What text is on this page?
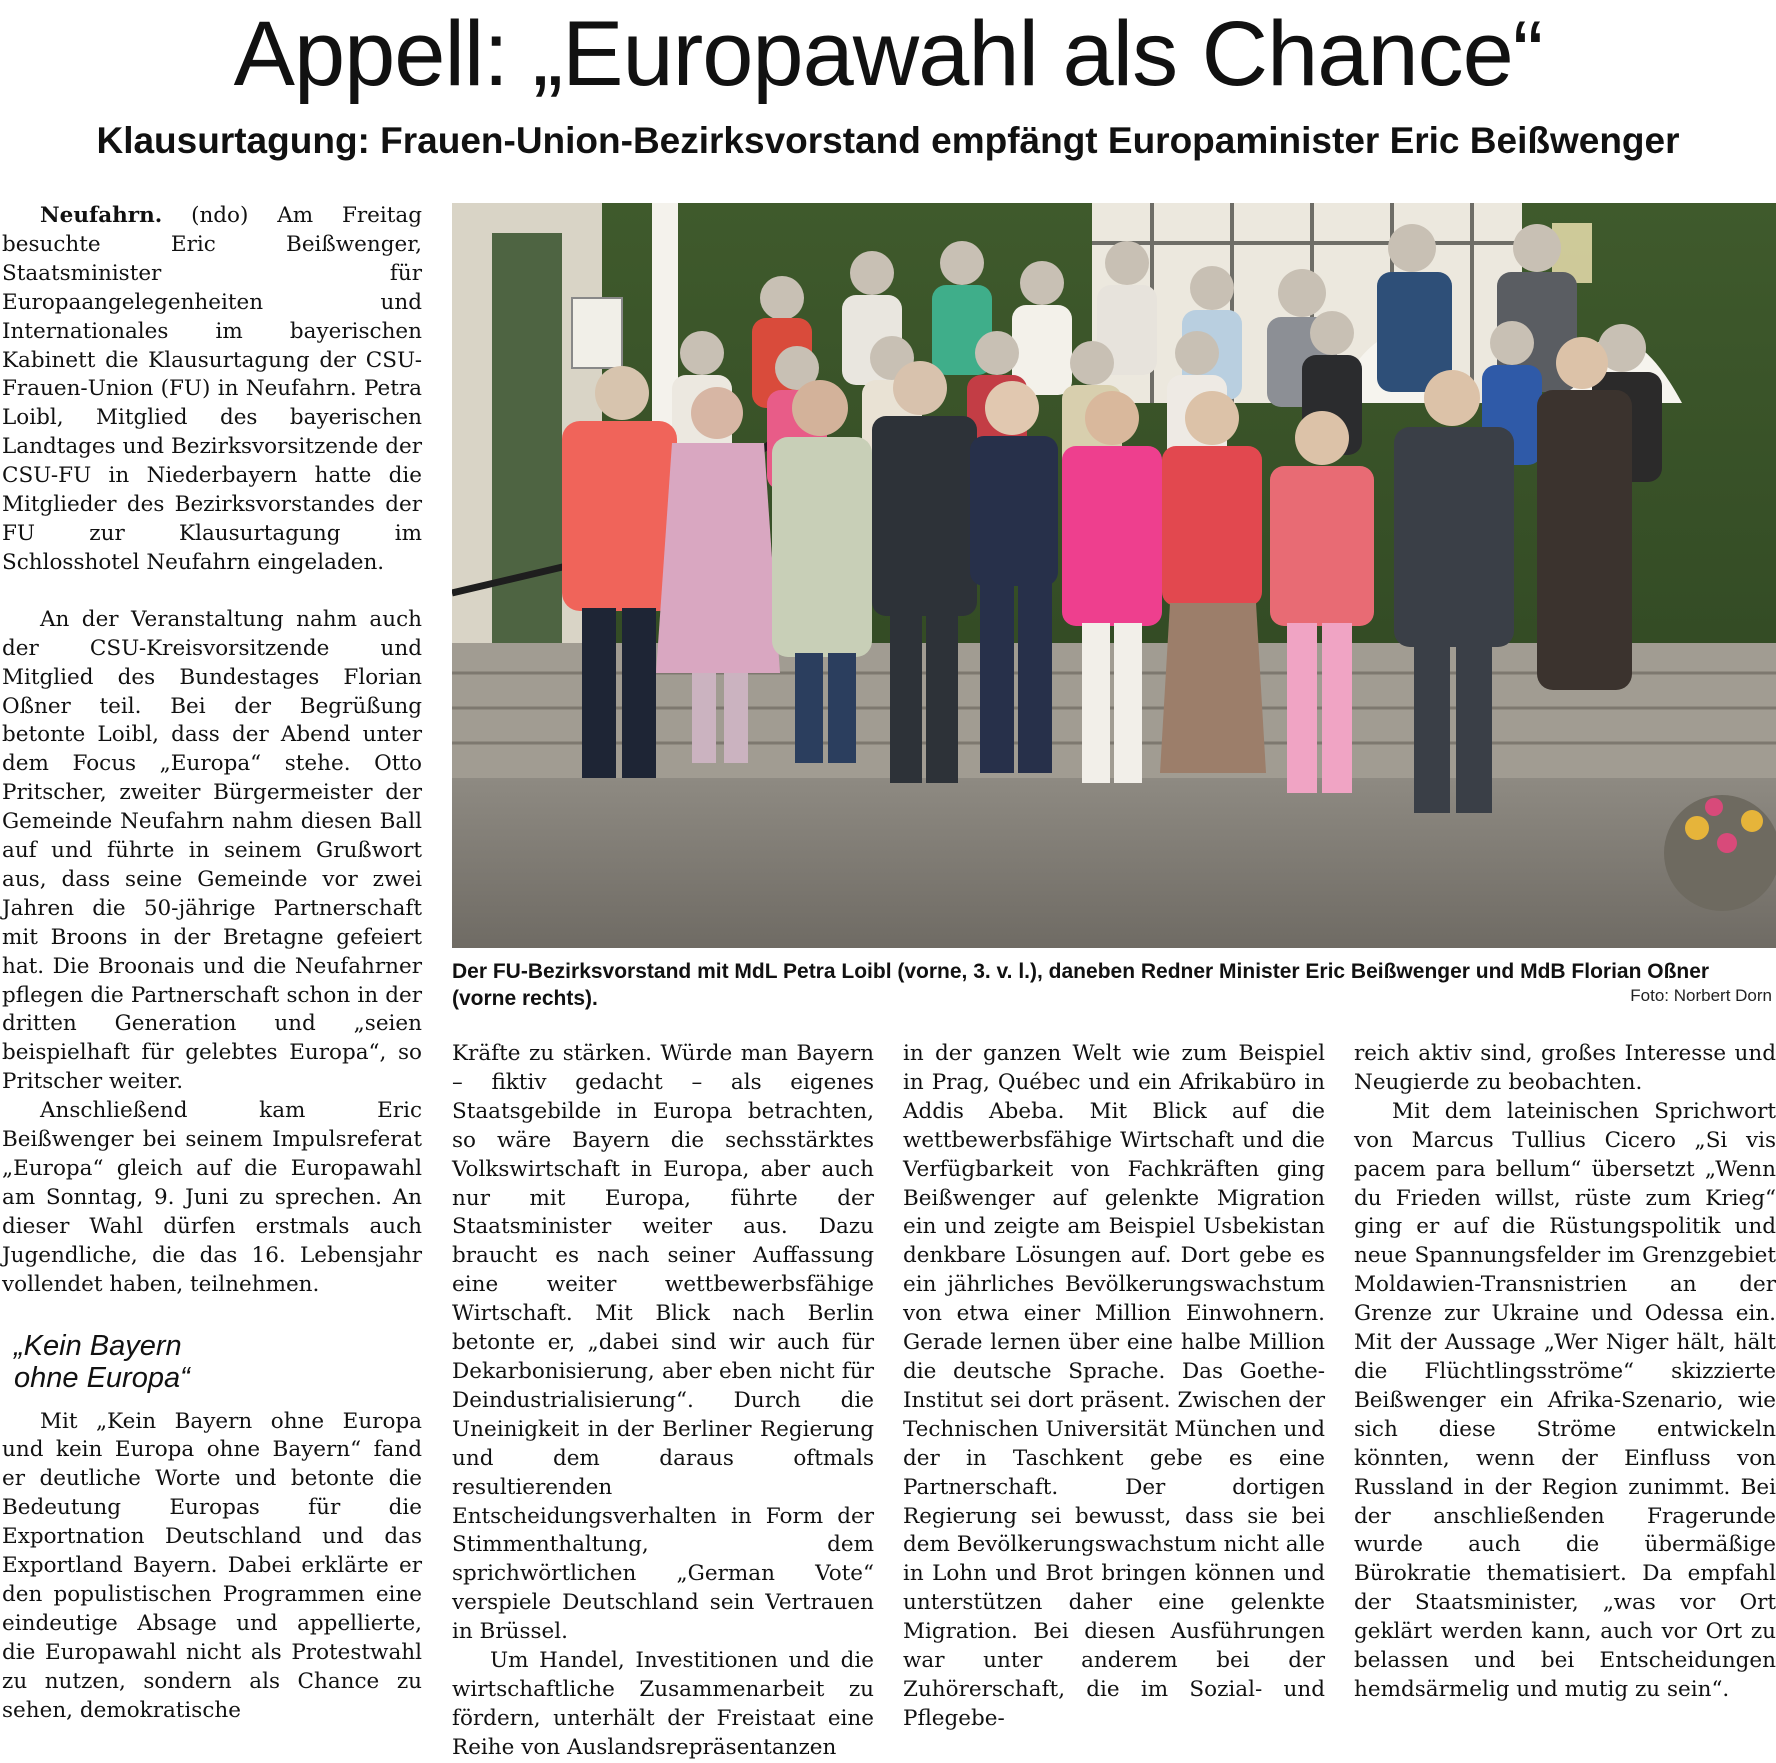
Appell: „Europawahl als Chance“
Klausurtagung: Frauen-Union-Bezirksvorstand empfängt Europaminister Eric Beißwenger

Neufahrn. (ndo) Am Freitag besuchte Eric Beißwenger, Staatsminister für Europaangelegenheiten und Internationales im bayerischen Kabinett die Klausurtagung der CSU-Frauen-Union (FU) in Neufahrn. Petra Loibl, Mitglied des bayerischen Landtages und Bezirksvorsitzende der CSU-FU in Niederbayern hatte die Mitglieder des Bezirksvorstandes der FU zur Klausurtagung im Schlosshotel Neufahrn eingeladen.

An der Veranstaltung nahm auch der CSU-Kreisvorsitzende und Mitglied des Bundestages Florian Oßner teil. Bei der Begrüßung betonte Loibl, dass der Abend unter dem Focus „Europa“ stehe. Otto Pritscher, zweiter Bürgermeister der Gemeinde Neufahrn nahm diesen Ball auf und führte in seinem Grußwort aus, dass seine Gemeinde vor zwei Jahren die 50-jährige Partnerschaft mit Broons in der Bretagne gefeiert hat. Die Broonais und die Neufahrner pflegen die Partnerschaft schon in der dritten Generation und „seien beispielhaft für gelebtes Europa“, so Pritscher weiter.

Anschließend kam Eric Beißwenger bei seinem Impulsreferat „Europa“ gleich auf die Europawahl am Sonntag, 9. Juni zu sprechen. An dieser Wahl dürfen erstmals auch Jugendliche, die das 16. Lebensjahr vollendet haben, teilnehmen.

„Kein Bayern
ohne Europa“

Mit „Kein Bayern ohne Europa und kein Europa ohne Bayern“ fand er deutliche Worte und betonte die Bedeutung Europas für die Exportnation Deutschland und das Exportland Bayern. Dabei erklärte er den populistischen Programmen eine eindeutige Absage und appellierte, die Europawahl nicht als Protestwahl zu nutzen, sondern als Chance zu sehen, demokratische

Der FU-Bezirksvorstand mit MdL Petra Loibl (vorne, 3. v. l.), daneben Redner Minister Eric Beißwenger und MdB Florian Oßner (vorne rechts).	Foto: Norbert Dorn

Kräfte zu stärken. Würde man Bayern – fiktiv gedacht – als eigenes Staatsgebilde in Europa betrachten, so wäre Bayern die sechsstärktes Volkswirtschaft in Europa, aber auch nur mit Europa, führte der Staatsminister weiter aus. Dazu braucht es nach seiner Auffassung eine weiter wettbewerbsfähige Wirtschaft. Mit Blick nach Berlin betonte er, „dabei sind wir auch für Dekarbonisierung, aber eben nicht für Deindustrialisierung“. Durch die Uneinigkeit in der Berliner Regierung und dem daraus oftmals resultierenden Entscheidungsverhalten in Form der Stimmenthaltung, dem sprichwörtlichen „German Vote“ verspiele Deutschland sein Vertrauen in Brüssel.

Um Handel, Investitionen und die wirtschaftliche Zusammenarbeit zu fördern, unterhält der Freistaat eine Reihe von Auslandsrepräsentanzen

in der ganzen Welt wie zum Beispiel in Prag, Québec und ein Afrikabüro in Addis Abeba. Mit Blick auf die wettbewerbsfähige Wirtschaft und die Verfügbarkeit von Fachkräften ging Beißwenger auf gelenkte Migration ein und zeigte am Beispiel Usbekistan denkbare Lösungen auf. Dort gebe es ein jährliches Bevölkerungswachstum von etwa einer Million Einwohnern. Gerade lernen über eine halbe Million die deutsche Sprache. Das Goethe-Institut sei dort präsent. Zwischen der Technischen Universität München und der in Taschkent gebe es eine Partnerschaft. Der dortigen Regierung sei bewusst, dass sie bei dem Bevölkerungswachstum nicht alle in Lohn und Brot bringen können und unterstützen daher eine gelenkte Migration. Bei diesen Ausführungen war unter anderem bei der Zuhörerschaft, die im Sozial- und Pflegebe-

reich aktiv sind, großes Interesse und Neugierde zu beobachten.

Mit dem lateinischen Sprichwort von Marcus Tullius Cicero „Si vis pacem para bellum“ übersetzt „Wenn du Frieden willst, rüste zum Krieg“ ging er auf die Rüstungspolitik und neue Spannungsfelder im Grenzgebiet Moldawien-Transnistrien an der Grenze zur Ukraine und Odessa ein. Mit der Aussage „Wer Niger hält, hält die Flüchtlingsströme“ skizzierte Beißwenger ein Afrika-Szenario, wie sich diese Ströme entwickeln könnten, wenn der Einfluss von Russland in der Region zunimmt. Bei der anschließenden Fragerunde wurde auch die übermäßige Bürokratie thematisiert. Da empfahl der Staatsminister, „was vor Ort geklärt werden kann, auch vor Ort zu belassen und bei Entscheidungen hemdsärmelig und mutig zu sein“.
